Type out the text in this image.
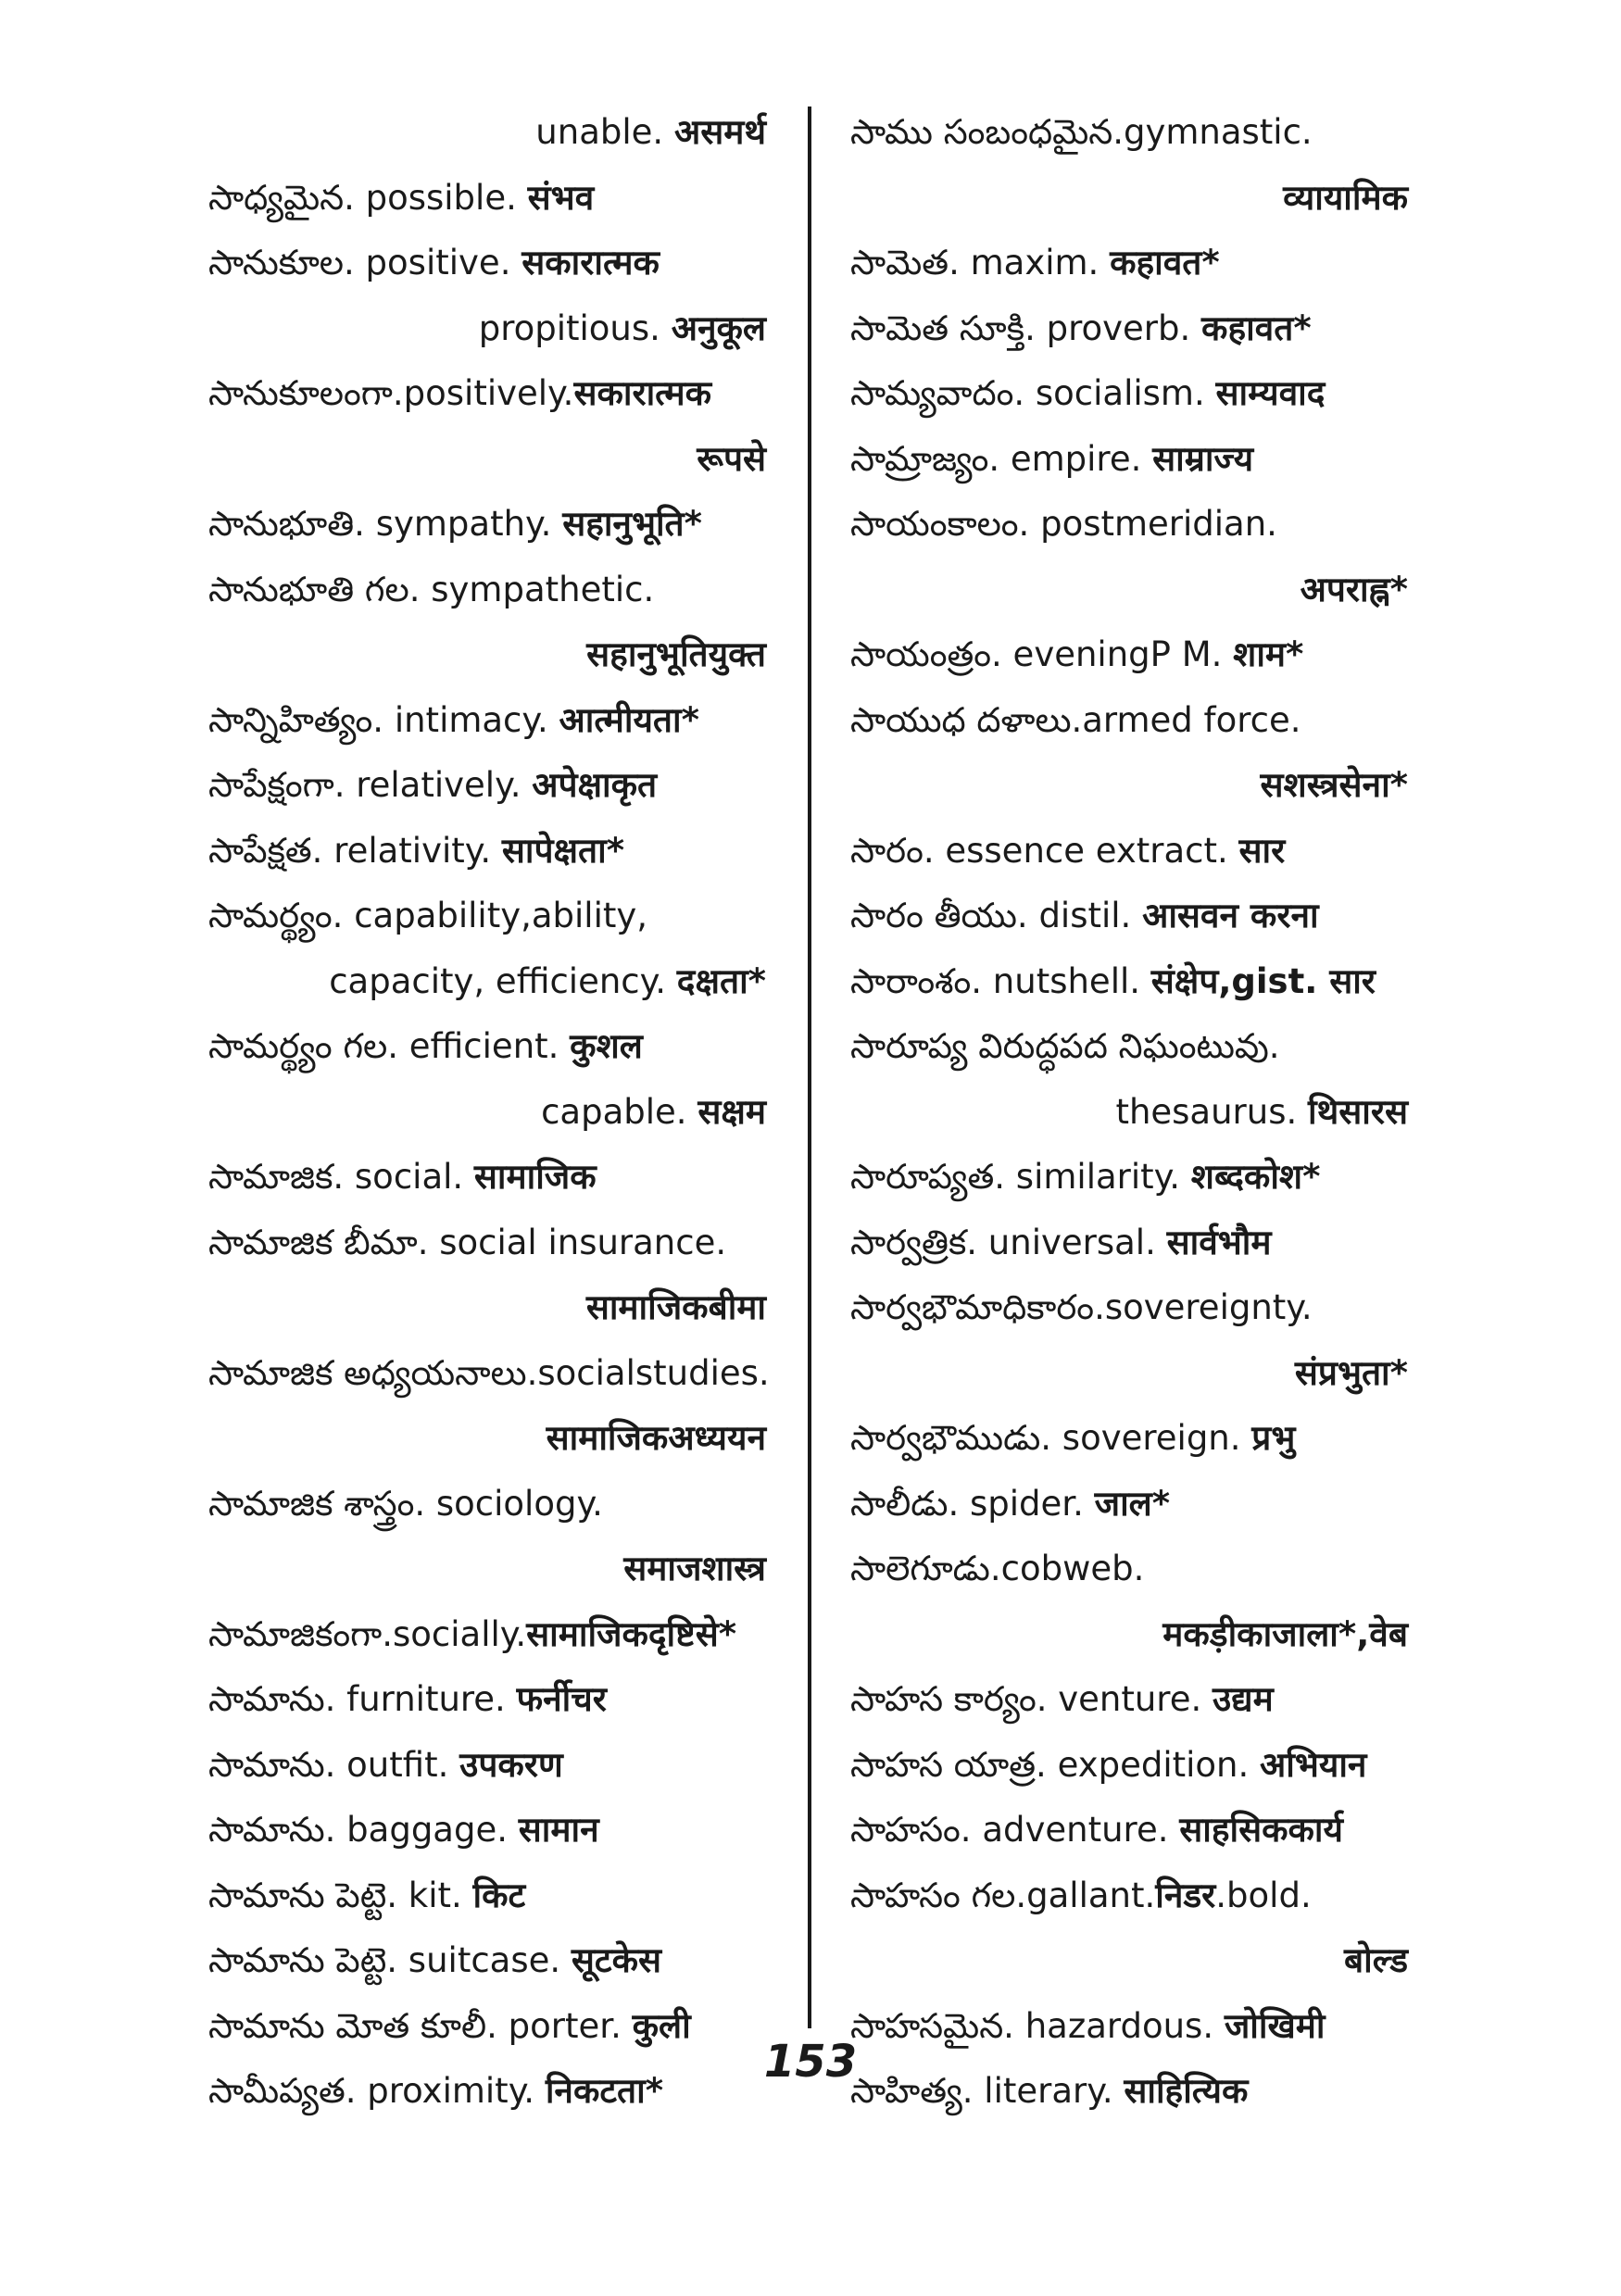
unable. असमर्थ
సాధ్యమైన. possible. संभव
సానుకూల. positive. सकारात्मक
propitious. अनुकूल
సానుకూలంగా.positively.सकारात्मक
रूपसे
సానుభూతి. sympathy. सहानुभूति*
సానుభూతి గల. sympathetic.
सहानुभूतियुक्त
సాన్నిహిత్యం. intimacy. आत्मीयता*
సాపేక్షంగా. relatively. अपेक्षाकृत
సాపేక్షత. relativity. सापेक्षता*
సామర్థ్యం. capability,ability,
capacity, efficiency. दक्षता*
సామర్థ్యం గల. efficient. कुशल
capable. सक्षम
సామాజిక. social. सामाजिक
సామాజిక బీమా. social insurance.
सामाजिकबीमा
సామాజిక అధ్యయనాలు.socialstudies.
सामाजिकअध्ययन
సామాజిక శాస్త్రం. sociology.
समाजशास्त्र
సామాజికంగా.socially.सामाजिकदृष्टिसे*
సామాను. furniture. फर्नीचर
సామాను. outfit. उपकरण
సామాను. baggage. सामान
సామాను పెట్టె. kit. किट
సామాను పెట్టె. suitcase. सूटकेस
సామాను మోత కూలీ. porter. कुली
సామీప్యత. proximity. निकटता*
సాము సంబంధమైన.gymnastic.
व्यायामिक
సామెత. maxim. कहावत*
సామెత సూక్తి. proverb. कहावत*
సామ్యవాదం. socialism. साम्यवाद
సామ్రాజ్యం. empire. साम्राज्य
సాయంకాలం. postmeridian.
अपराह्न*
సాయంత్రం. eveningP M. शाम*
సాయుధ దళాలు.armed force.
सशस्त्रसेना*
సారం. essence extract. सार
సారం తీయు. distil. आसवन करना
సారాంశం. nutshell. संक्षेप,gist. सार
సారూప్య విరుద్ధపద నిఘంటువు.
thesaurus. थिसारस
సారూప్యత. similarity. शब्दकोश*
సార్వత్రిక. universal. सार्वभौम
సార్వభౌమాధికారం.sovereignty.
संप्रभुता*
సార్వభౌముడు. sovereign. प्रभु
సాలీడు. spider. जाल*
సాలెగూడు.cobweb.
मकड़ीकाजाला*,वेब
సాహస కార్యం. venture. उद्यम
సాహస యాత్ర. expedition. अभियान
సాహసం. adventure. साहसिककार्य
సాహసం గల.gallant.निडर.bold.
बोल्ड
సాహసమైన. hazardous. जोखिमी
సాహిత్య. literary. साहित्यिक
153
